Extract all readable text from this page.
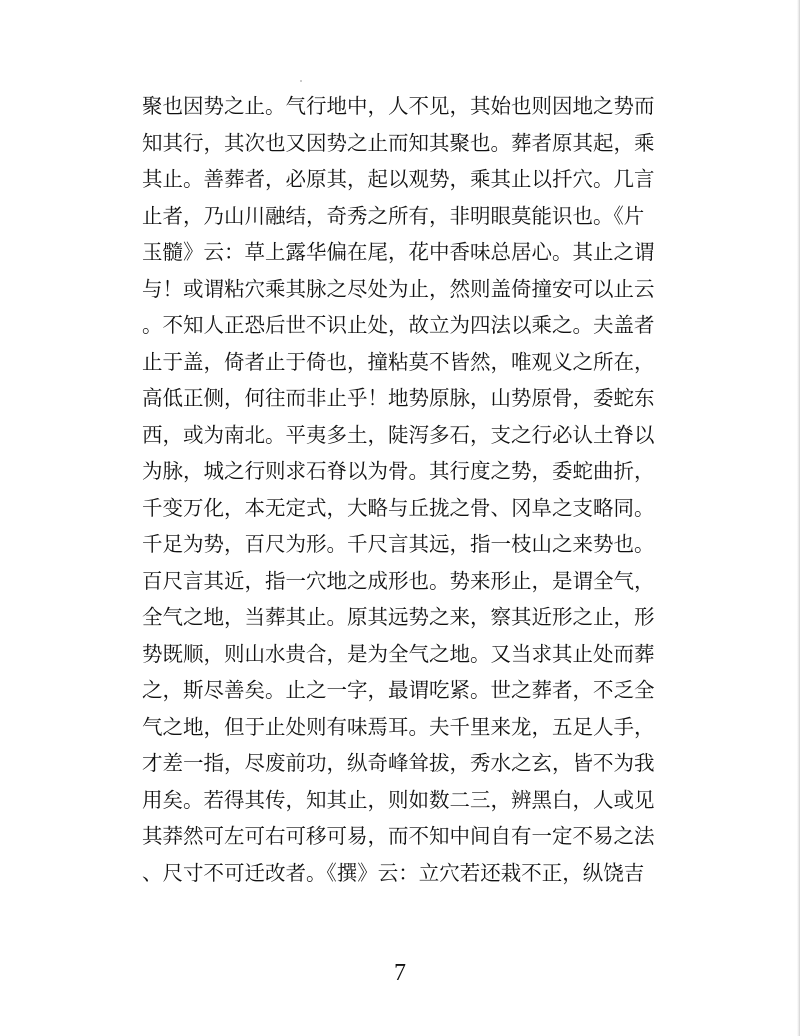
聚也因势之止。气行地中，人不见，其始也则因地之势而
知其行，其次也又因势之止而知其聚也。葬者原其起，乘
其止。善葬者，必原其，起以观势，乘其止以扦穴。几言
止者，乃山川融结，奇秀之所有，非明眼莫能识也。《片
玉髓》云：草上露华偏在尾，花中香味总居心。其止之谓
与！或谓粘穴乘其脉之尽处为止，然则盖倚撞安可以止云
。不知人正恐后世不识止处，故立为四法以乘之。夫盖者
止于盖，倚者止于倚也，撞粘莫不皆然，唯观义之所在，
高低正侧，何往而非止乎！地势原脉，山势原骨，委蛇东
西，或为南北。平夷多土，陡泻多石，支之行必认土脊以
为脉，城之行则求石脊以为骨。其行度之势，委蛇曲折，
千变万化，本无定式，大略与丘拢之骨、冈阜之支略同。
千足为势，百尺为形。千尺言其远，指一枝山之来势也。
百尺言其近，指一穴地之成形也。势来形止，是谓全气，
全气之地，当葬其止。原其远势之来，察其近形之止，形
势既顺，则山水贵合，是为全气之地。又当求其止处而葬
之，斯尽善矣。止之一字，最谓吃紧。世之葬者，不乏全
气之地，但于止处则有味焉耳。夫千里来龙，五足人手，
才差一指，尽废前功，纵奇峰耸拔，秀水之玄，皆不为我
用矣。若得其传，知其止，则如数二三，辨黑白，人或见
其莽然可左可右可移可易，而不知中间自有一定不易之法
、尺寸不可迁改者。《撰》云：立穴若还栽不正，纵饶吉
7
